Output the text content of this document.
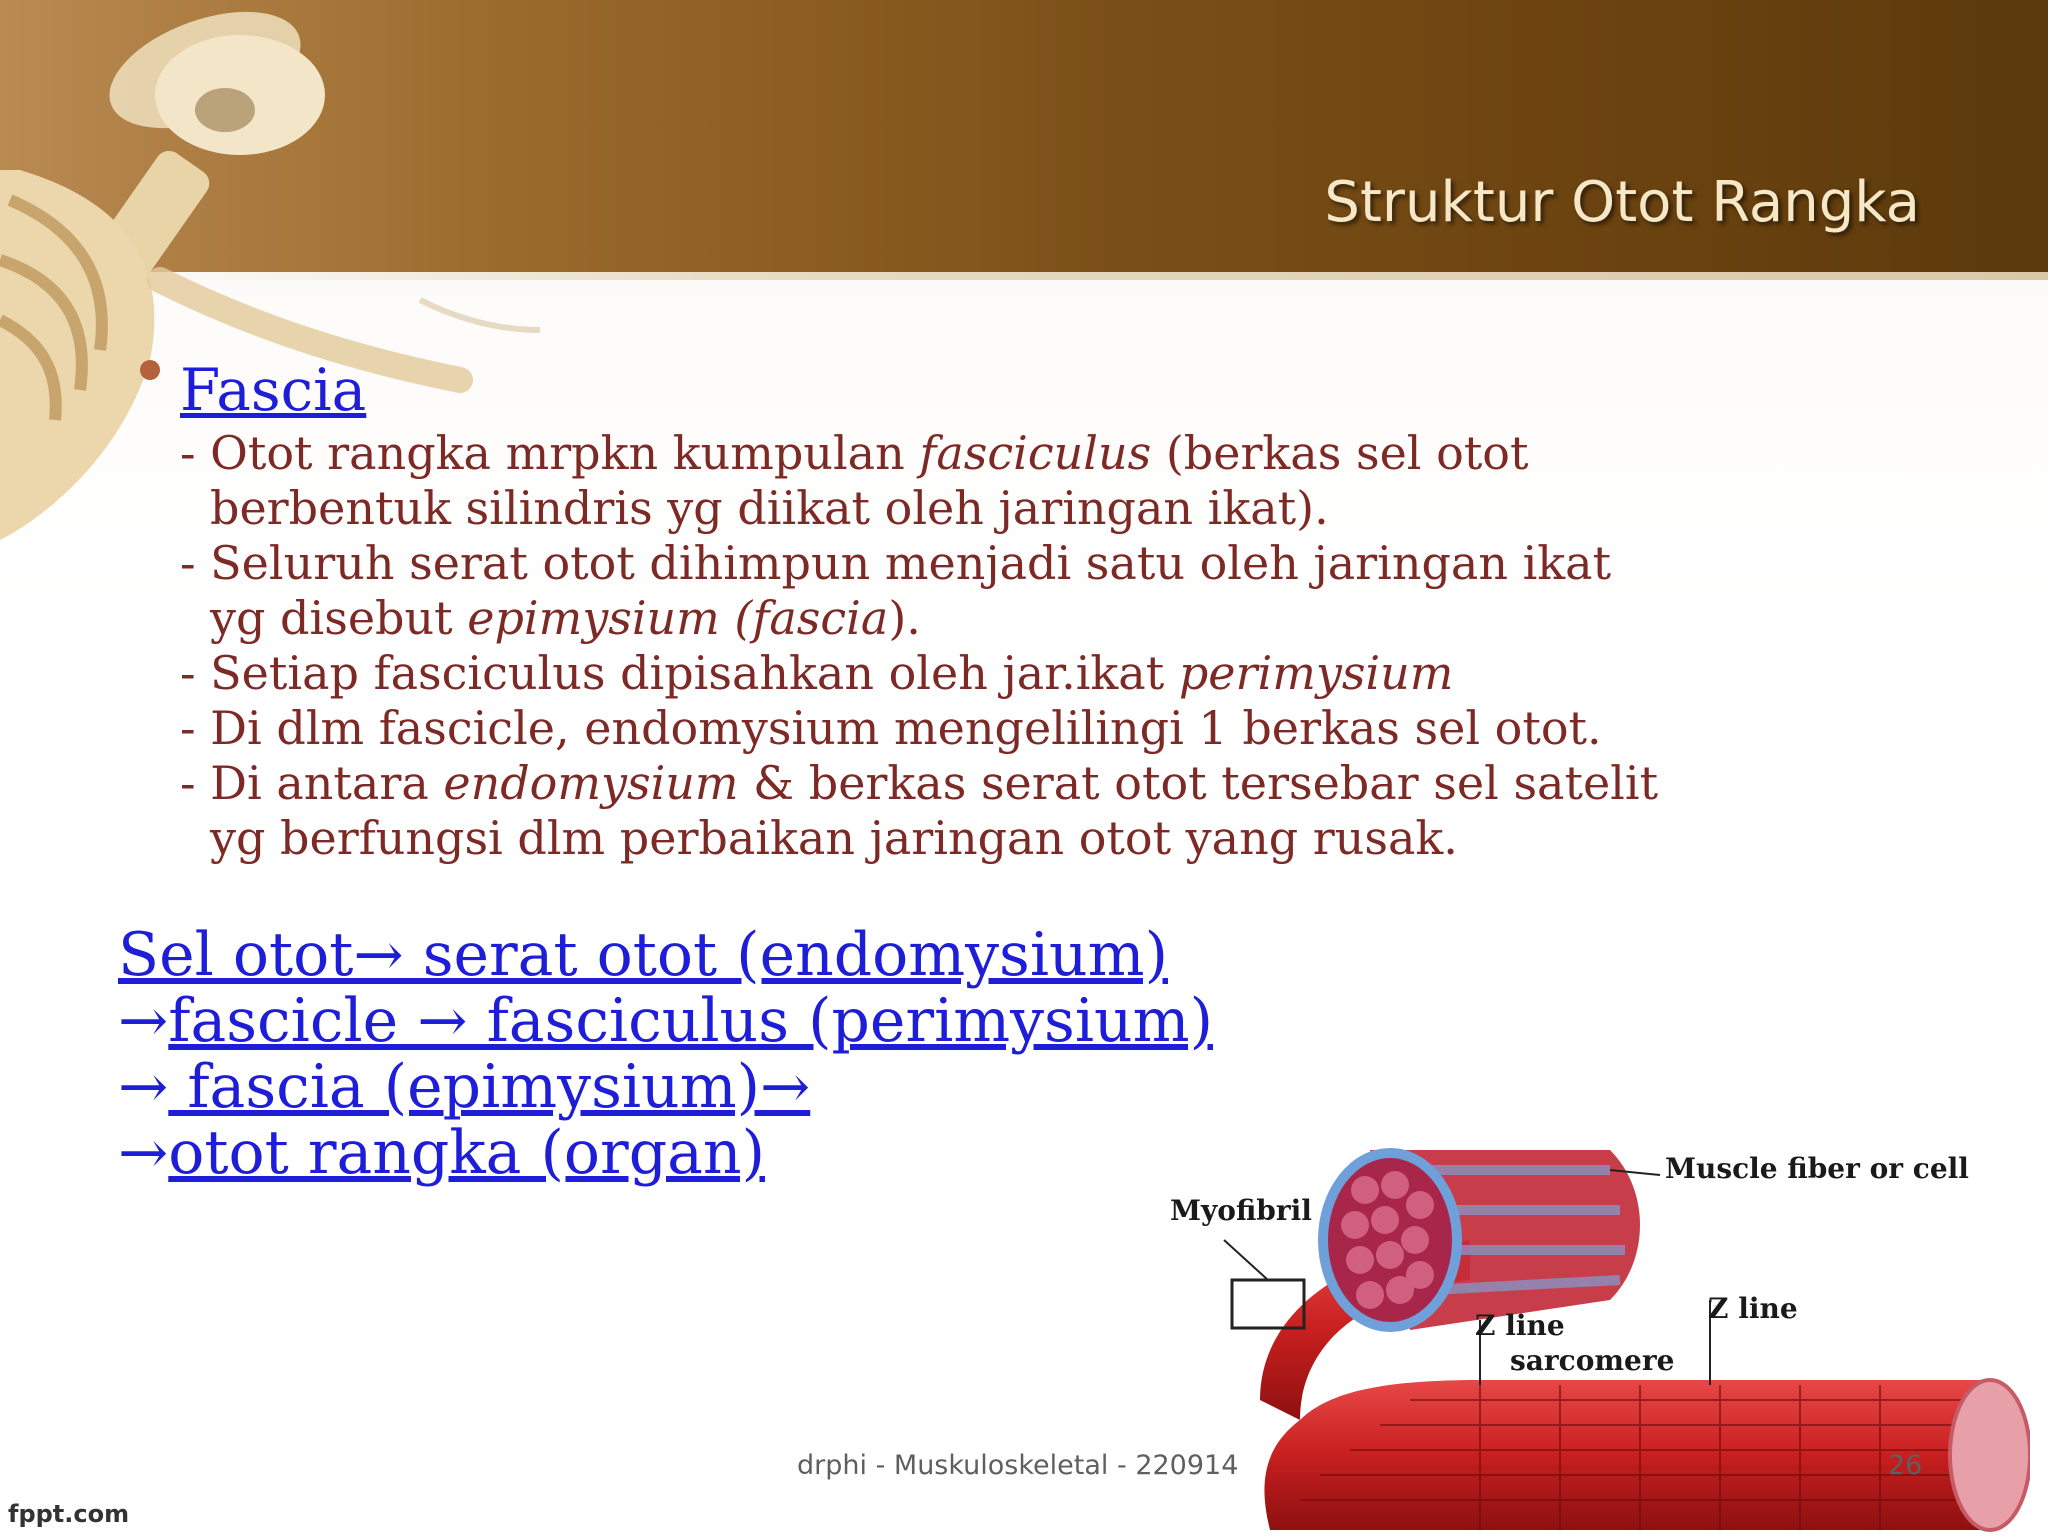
Struktur Otot Rangka
Fascia
- Otot rangka mrpkn kumpulan fasciculus (berkas sel otot
berbentuk silindris yg diikat oleh jaringan ikat).
- Seluruh serat otot dihimpun menjadi satu oleh jaringan ikat
yg disebut epimysium (fascia).
- Setiap fasciculus dipisahkan oleh jar.ikat perimysium
- Di dlm fascicle, endomysium mengelilingi 1 berkas sel otot.
- Di antara endomysium & berkas serat otot tersebar sel satelit
yg berfungsi dlm perbaikan jaringan otot yang rusak.
Sel otot→ serat otot (endomysium)
→fascicle → fasciculus (perimysium)
→ fascia (epimysium)→
→otot rangka (organ)
Myofibril
Muscle fiber or cell
Z line
Z line
sarcomere
drphi - Muskuloskeletal - 220914	26
fppt.com
